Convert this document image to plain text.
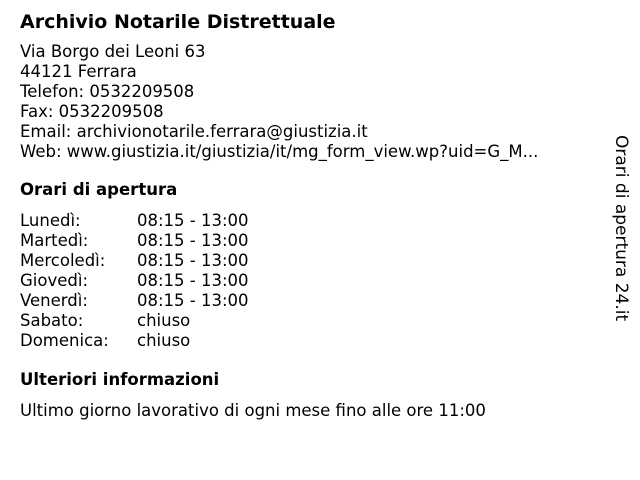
Archivio Notarile Distrettuale
Via Borgo dei Leoni 63
44121 Ferrara
Telefon: 0532209508
Fax: 0532209508
Email: archivionotarile.ferrara@giustizia.it
Web: www.giustizia.it/giustizia/it/mg_form_view.wp?uid=G_M...
Orari di apertura
Lunedì:	08:15 - 13:00
Martedì:	08:15 - 13:00
Mercoledì:	08:15 - 13:00
Giovedì:	08:15 - 13:00
Venerdì:	08:15 - 13:00
Sabato:	chiuso
Domenica:	chiuso
Ulteriori informazioni
Ultimo giorno lavorativo di ogni mese fino alle ore 11:00
Orari di apertura 24.it
